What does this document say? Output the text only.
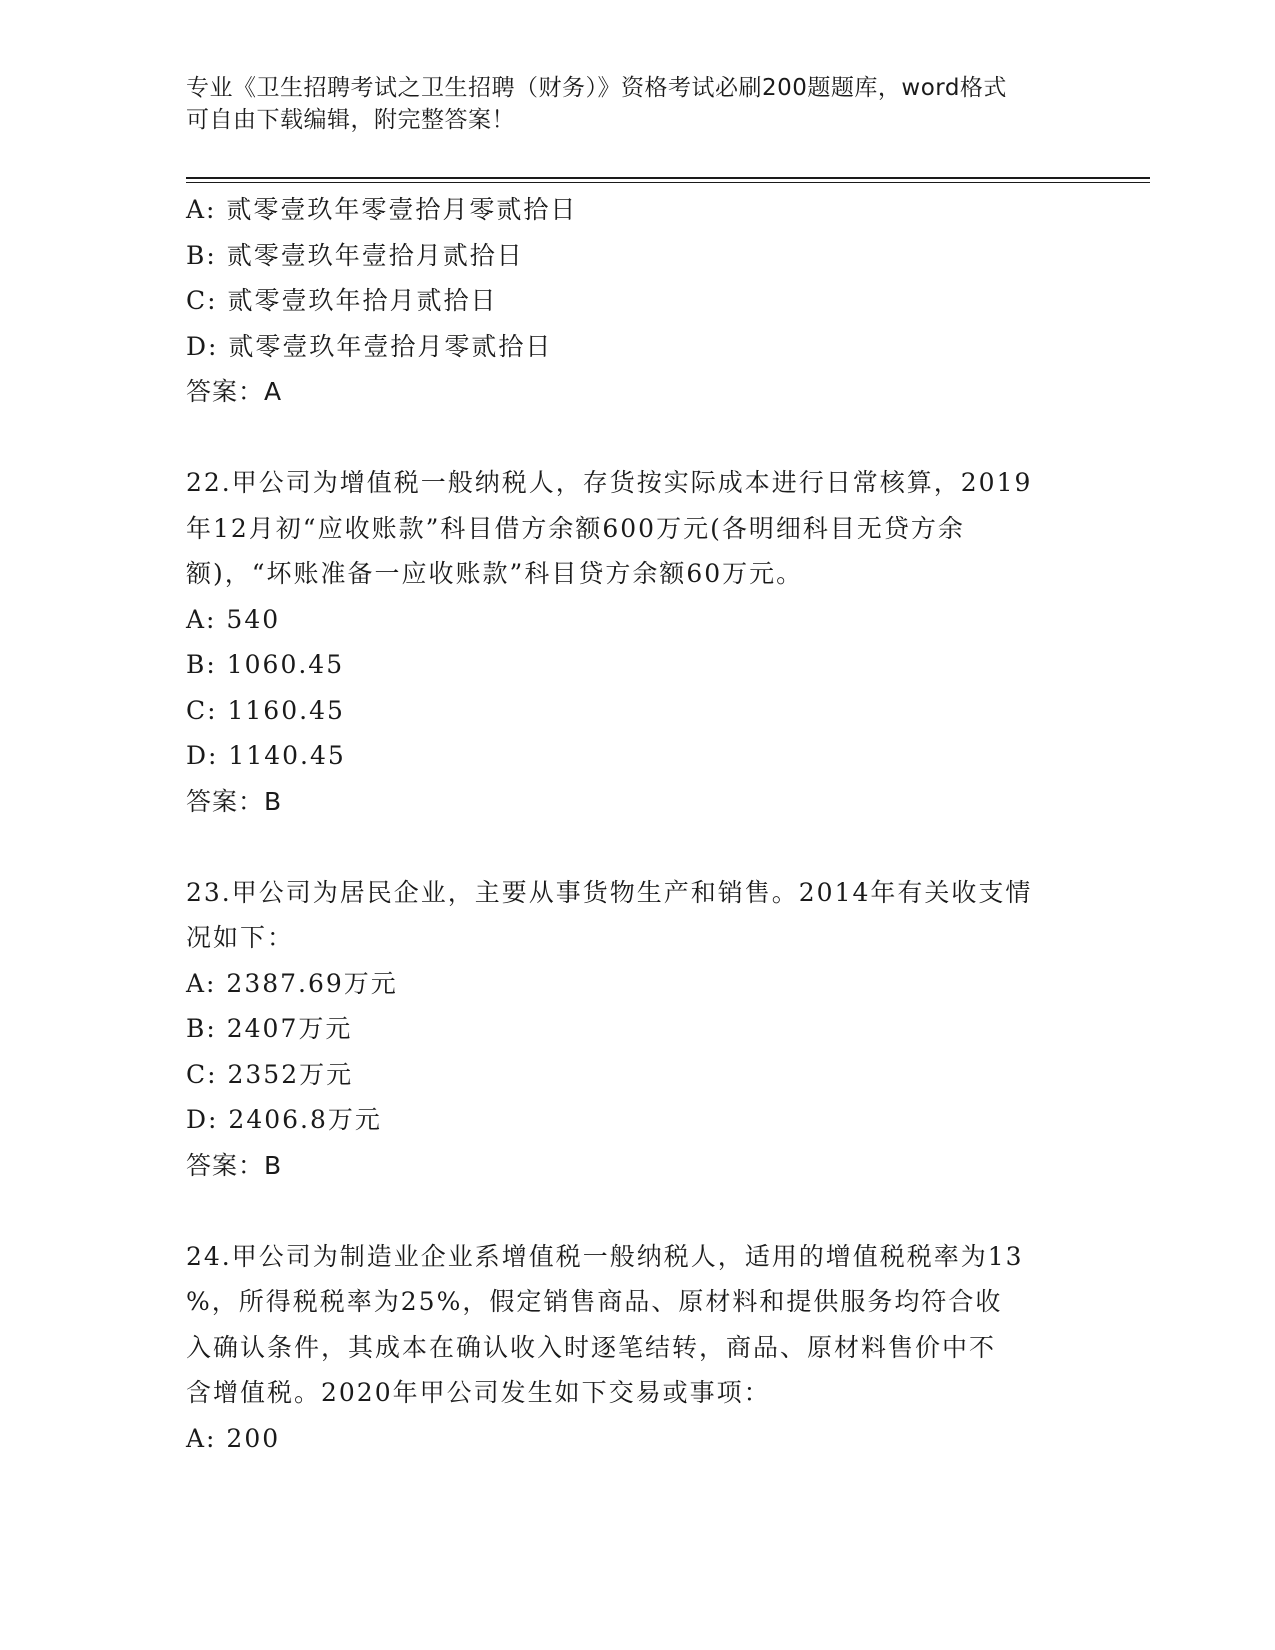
专业《卫生招聘考试之卫生招聘（财务）》资格考试必刷200题题库，word格式
可自由下载编辑，附完整答案！
A: 贰零壹玖年零壹拾月零贰拾日
B: 贰零壹玖年壹拾月贰拾日
C: 贰零壹玖年拾月贰拾日
D: 贰零壹玖年壹拾月零贰拾日
答案：A
22.甲公司为增值税一般纳税人，存货按实际成本进行日常核算，2019
年12月初“应收账款”科目借方余额600万元(各明细科目无贷方余
额)，“坏账准备一应收账款”科目贷方余额60万元。
A: 540
B: 1060.45
C: 1160.45
D: 1140.45
答案：B
23.甲公司为居民企业，主要从事货物生产和销售。2014年有关收支情
况如下：
A: 2387.69万元
B: 2407万元
C: 2352万元
D: 2406.8万元
答案：B
24.甲公司为制造业企业系增值税一般纳税人，适用的增值税税率为13
%，所得税税率为25%，假定销售商品、原材料和提供服务均符合收
入确认条件，其成本在确认收入时逐笔结转，商品、原材料售价中不
含增值税。2020年甲公司发生如下交易或事项：
A: 200
